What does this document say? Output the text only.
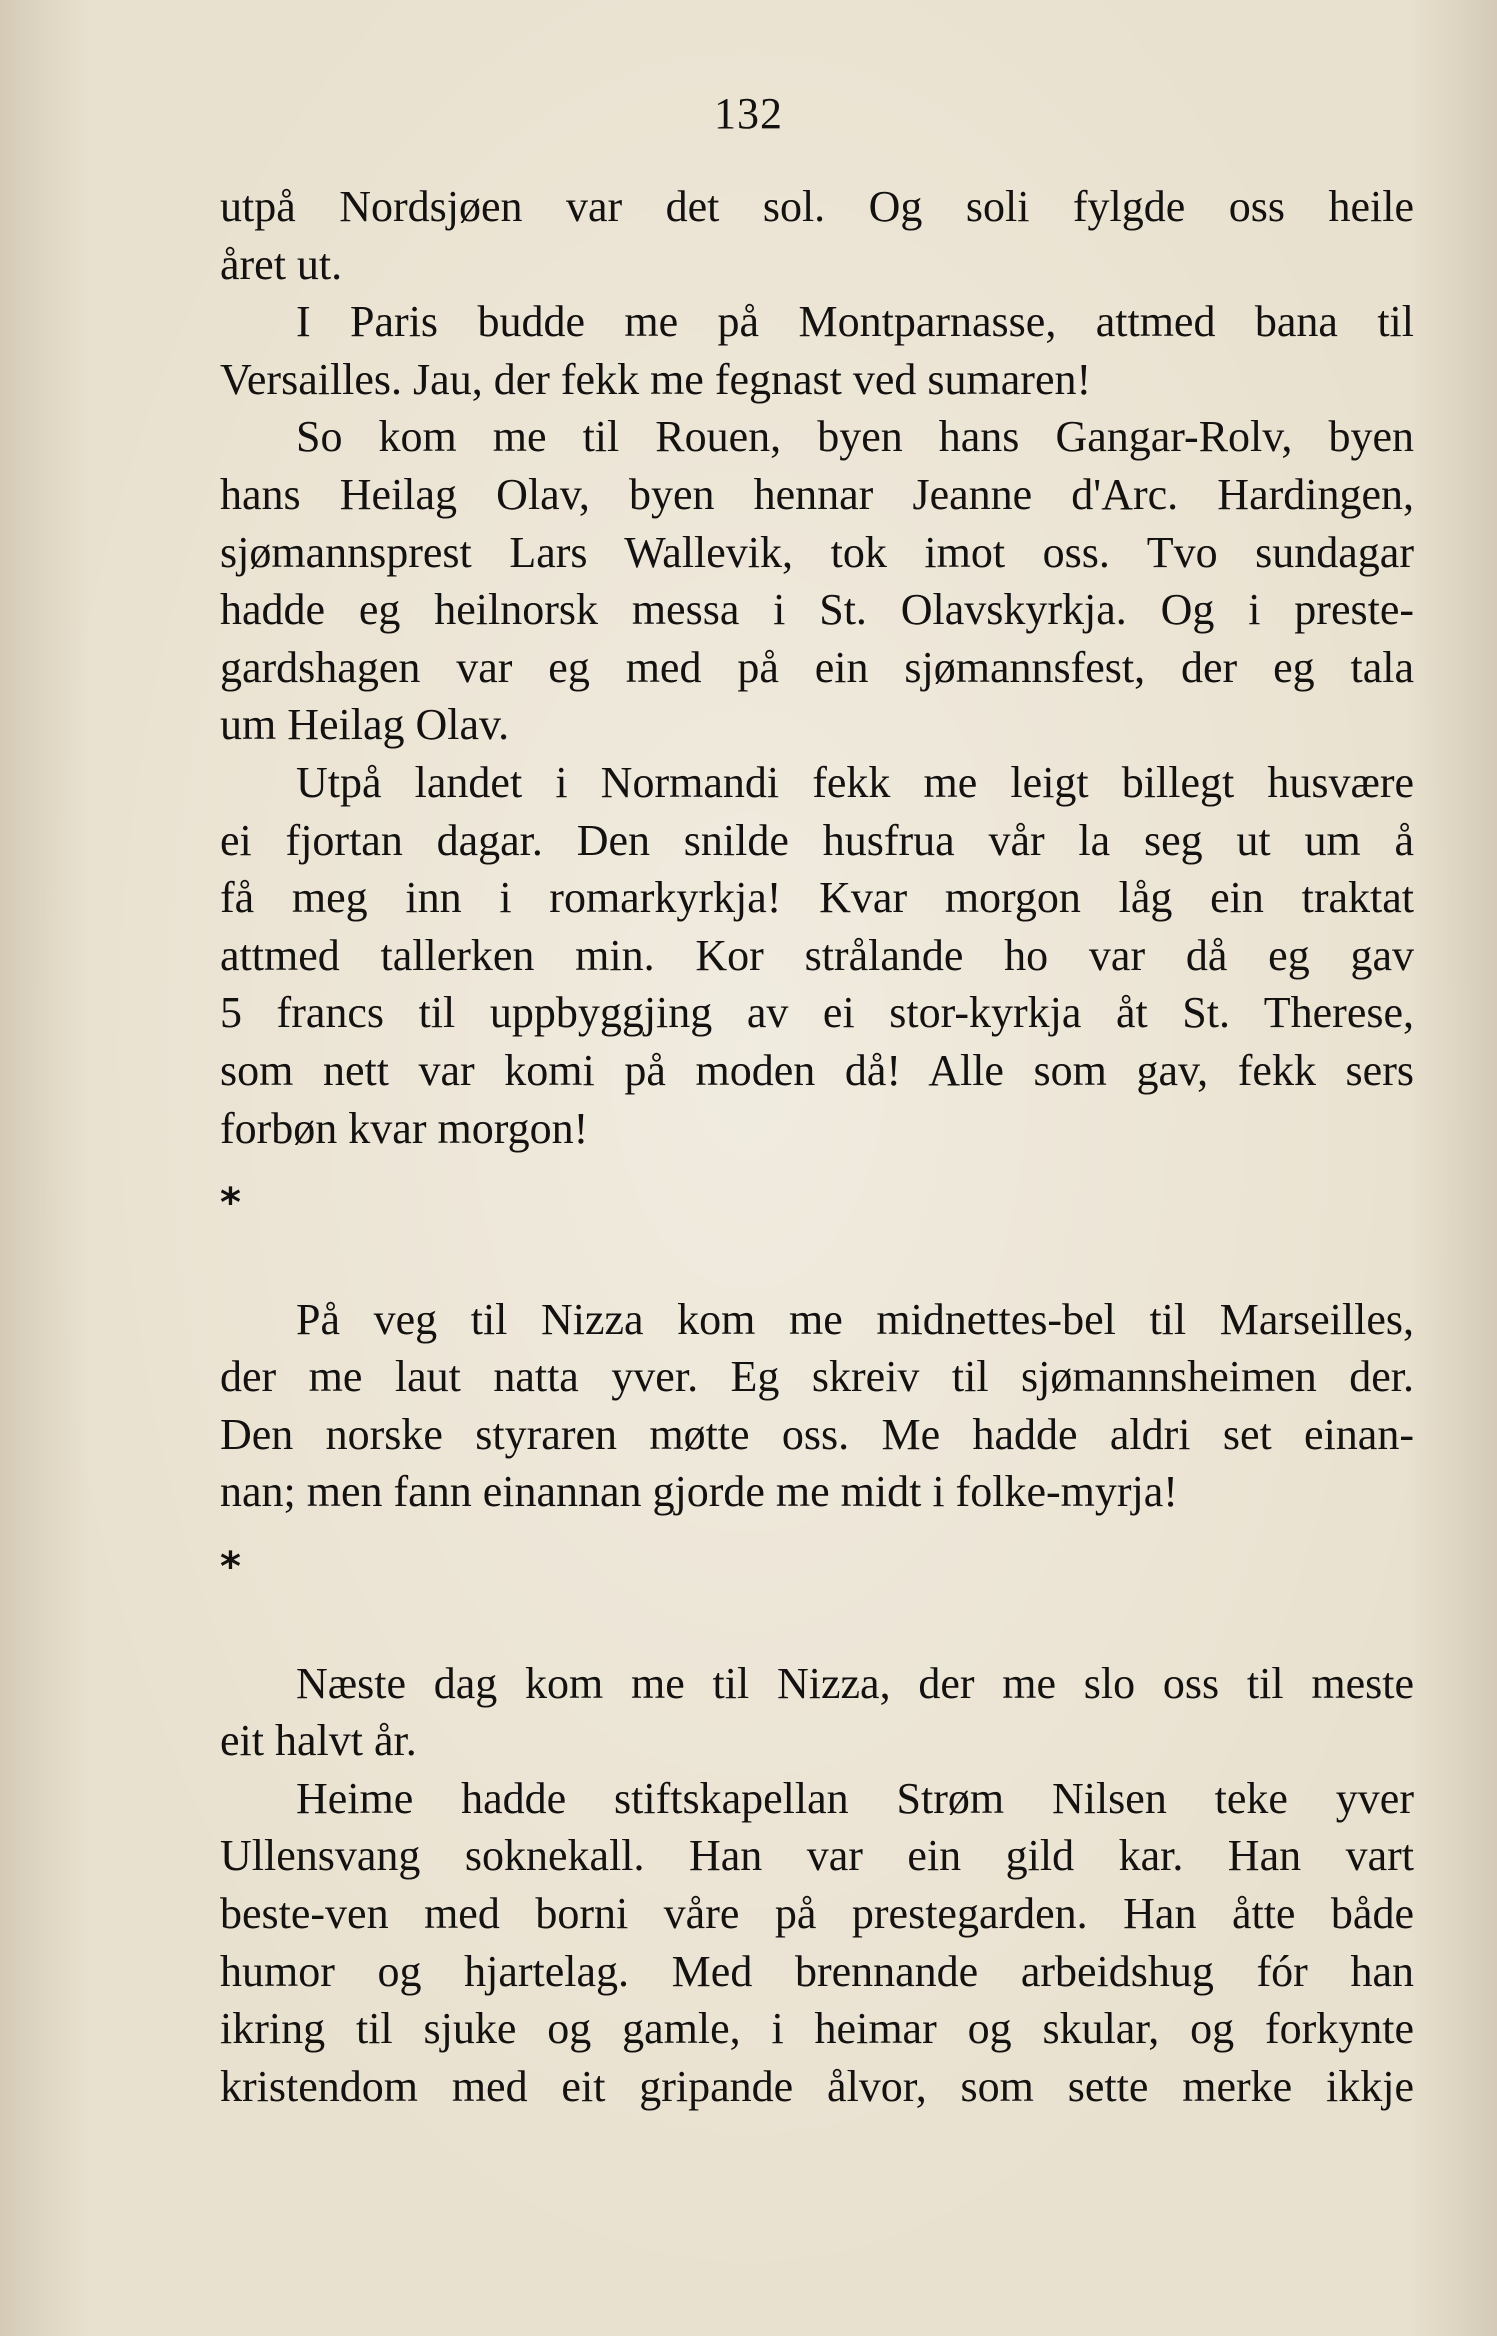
132
utpå Nordsjøen var det sol. Og soli fylgde oss heile
året ut.
I Paris budde me på Montparnasse, attmed bana til
Versailles. Jau, der fekk me fegnast ved sumaren!
So kom me til Rouen, byen hans Gangar-Rolv, byen
hans Heilag Olav, byen hennar Jeanne d'Arc. Hardingen,
sjømannsprest Lars Wallevik, tok imot oss. Tvo sundagar
hadde eg heilnorsk messa i St. Olavskyrkja. Og i preste-
gardshagen var eg med på ein sjømannsfest, der eg tala
um Heilag Olav.
Utpå landet i Normandi fekk me leigt billegt husvære
ei fjortan dagar. Den snilde husfrua vår la seg ut um å
få meg inn i romarkyrkja! Kvar morgon låg ein traktat
attmed tallerken min. Kor strålande ho var då eg gav
5 francs til uppbyggjing av ei stor-kyrkja åt St. Therese,
som nett var komi på moden då! Alle som gav, fekk sers
forbøn kvar morgon!
*
På veg til Nizza kom me midnettes-bel til Marseilles,
der me laut natta yver. Eg skreiv til sjømannsheimen der.
Den norske styraren møtte oss. Me hadde aldri set einan-
nan; men fann einannan gjorde me midt i folke-myrja!
*
Næste dag kom me til Nizza, der me slo oss til meste
eit halvt år.
Heime hadde stiftskapellan Strøm Nilsen teke yver
Ullensvang soknekall. Han var ein gild kar. Han vart
beste-ven med borni våre på prestegarden. Han åtte både
humor og hjartelag. Med brennande arbeidshug fór han
ikring til sjuke og gamle, i heimar og skular, og forkynte
kristendom med eit gripande ålvor, som sette merke ikkje
